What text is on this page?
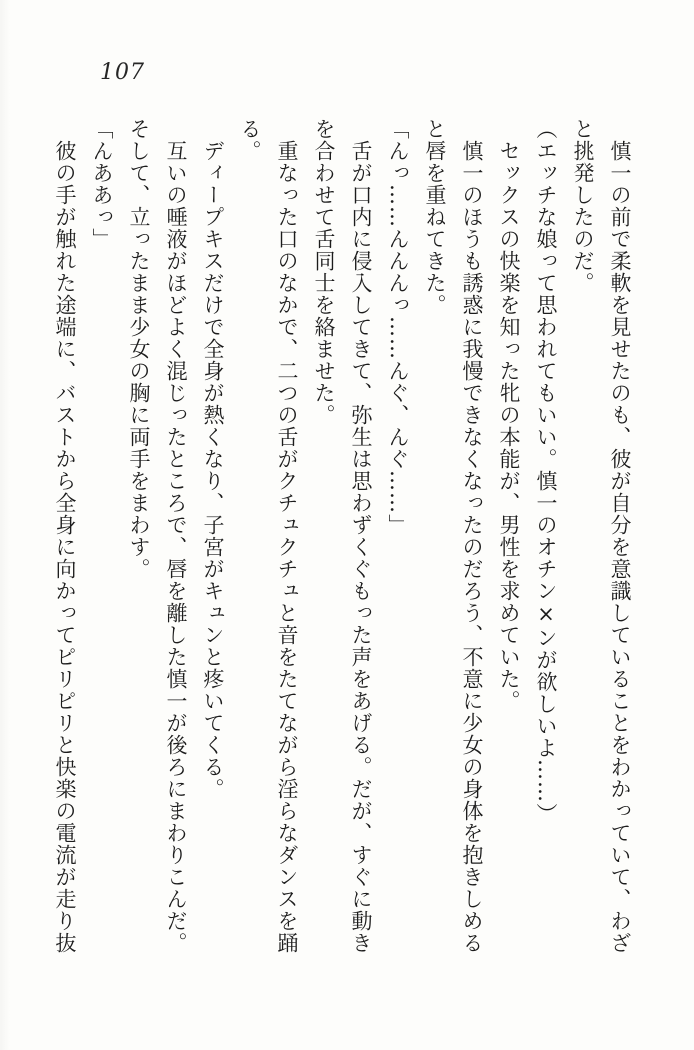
107
慎一の前で柔軟を見せたのも、彼が自分を意識していることをわかっていて、わざ
と挑発したのだ。
（エッチな娘って思われてもいい。慎一のオチン×ンが欲しいよ……）
セックスの快楽を知った牝の本能が、男性を求めていた。
慎一のほうも誘惑に我慢できなくなったのだろう、不意に少女の身体を抱きしめる
と唇を重ねてきた。
「んっ……んんんっ……んぐ、んぐ……」
舌が口内に侵入してきて、弥生は思わずくぐもった声をあげる。だが、すぐに動き
を合わせて舌同士を絡ませた。
重なった口のなかで、二つの舌がクチュクチュと音をたてながら淫らなダンスを踊
る。
ディープキスだけで全身が熱くなり、子宮がキュンと疼いてくる。
互いの唾液がほどよく混じったところで、唇を離した慎一が後ろにまわりこんだ。
そして、立ったまま少女の胸に両手をまわす。
「んああっ」
彼の手が触れた途端に、バストから全身に向かってピリピリと快楽の電流が走り抜
